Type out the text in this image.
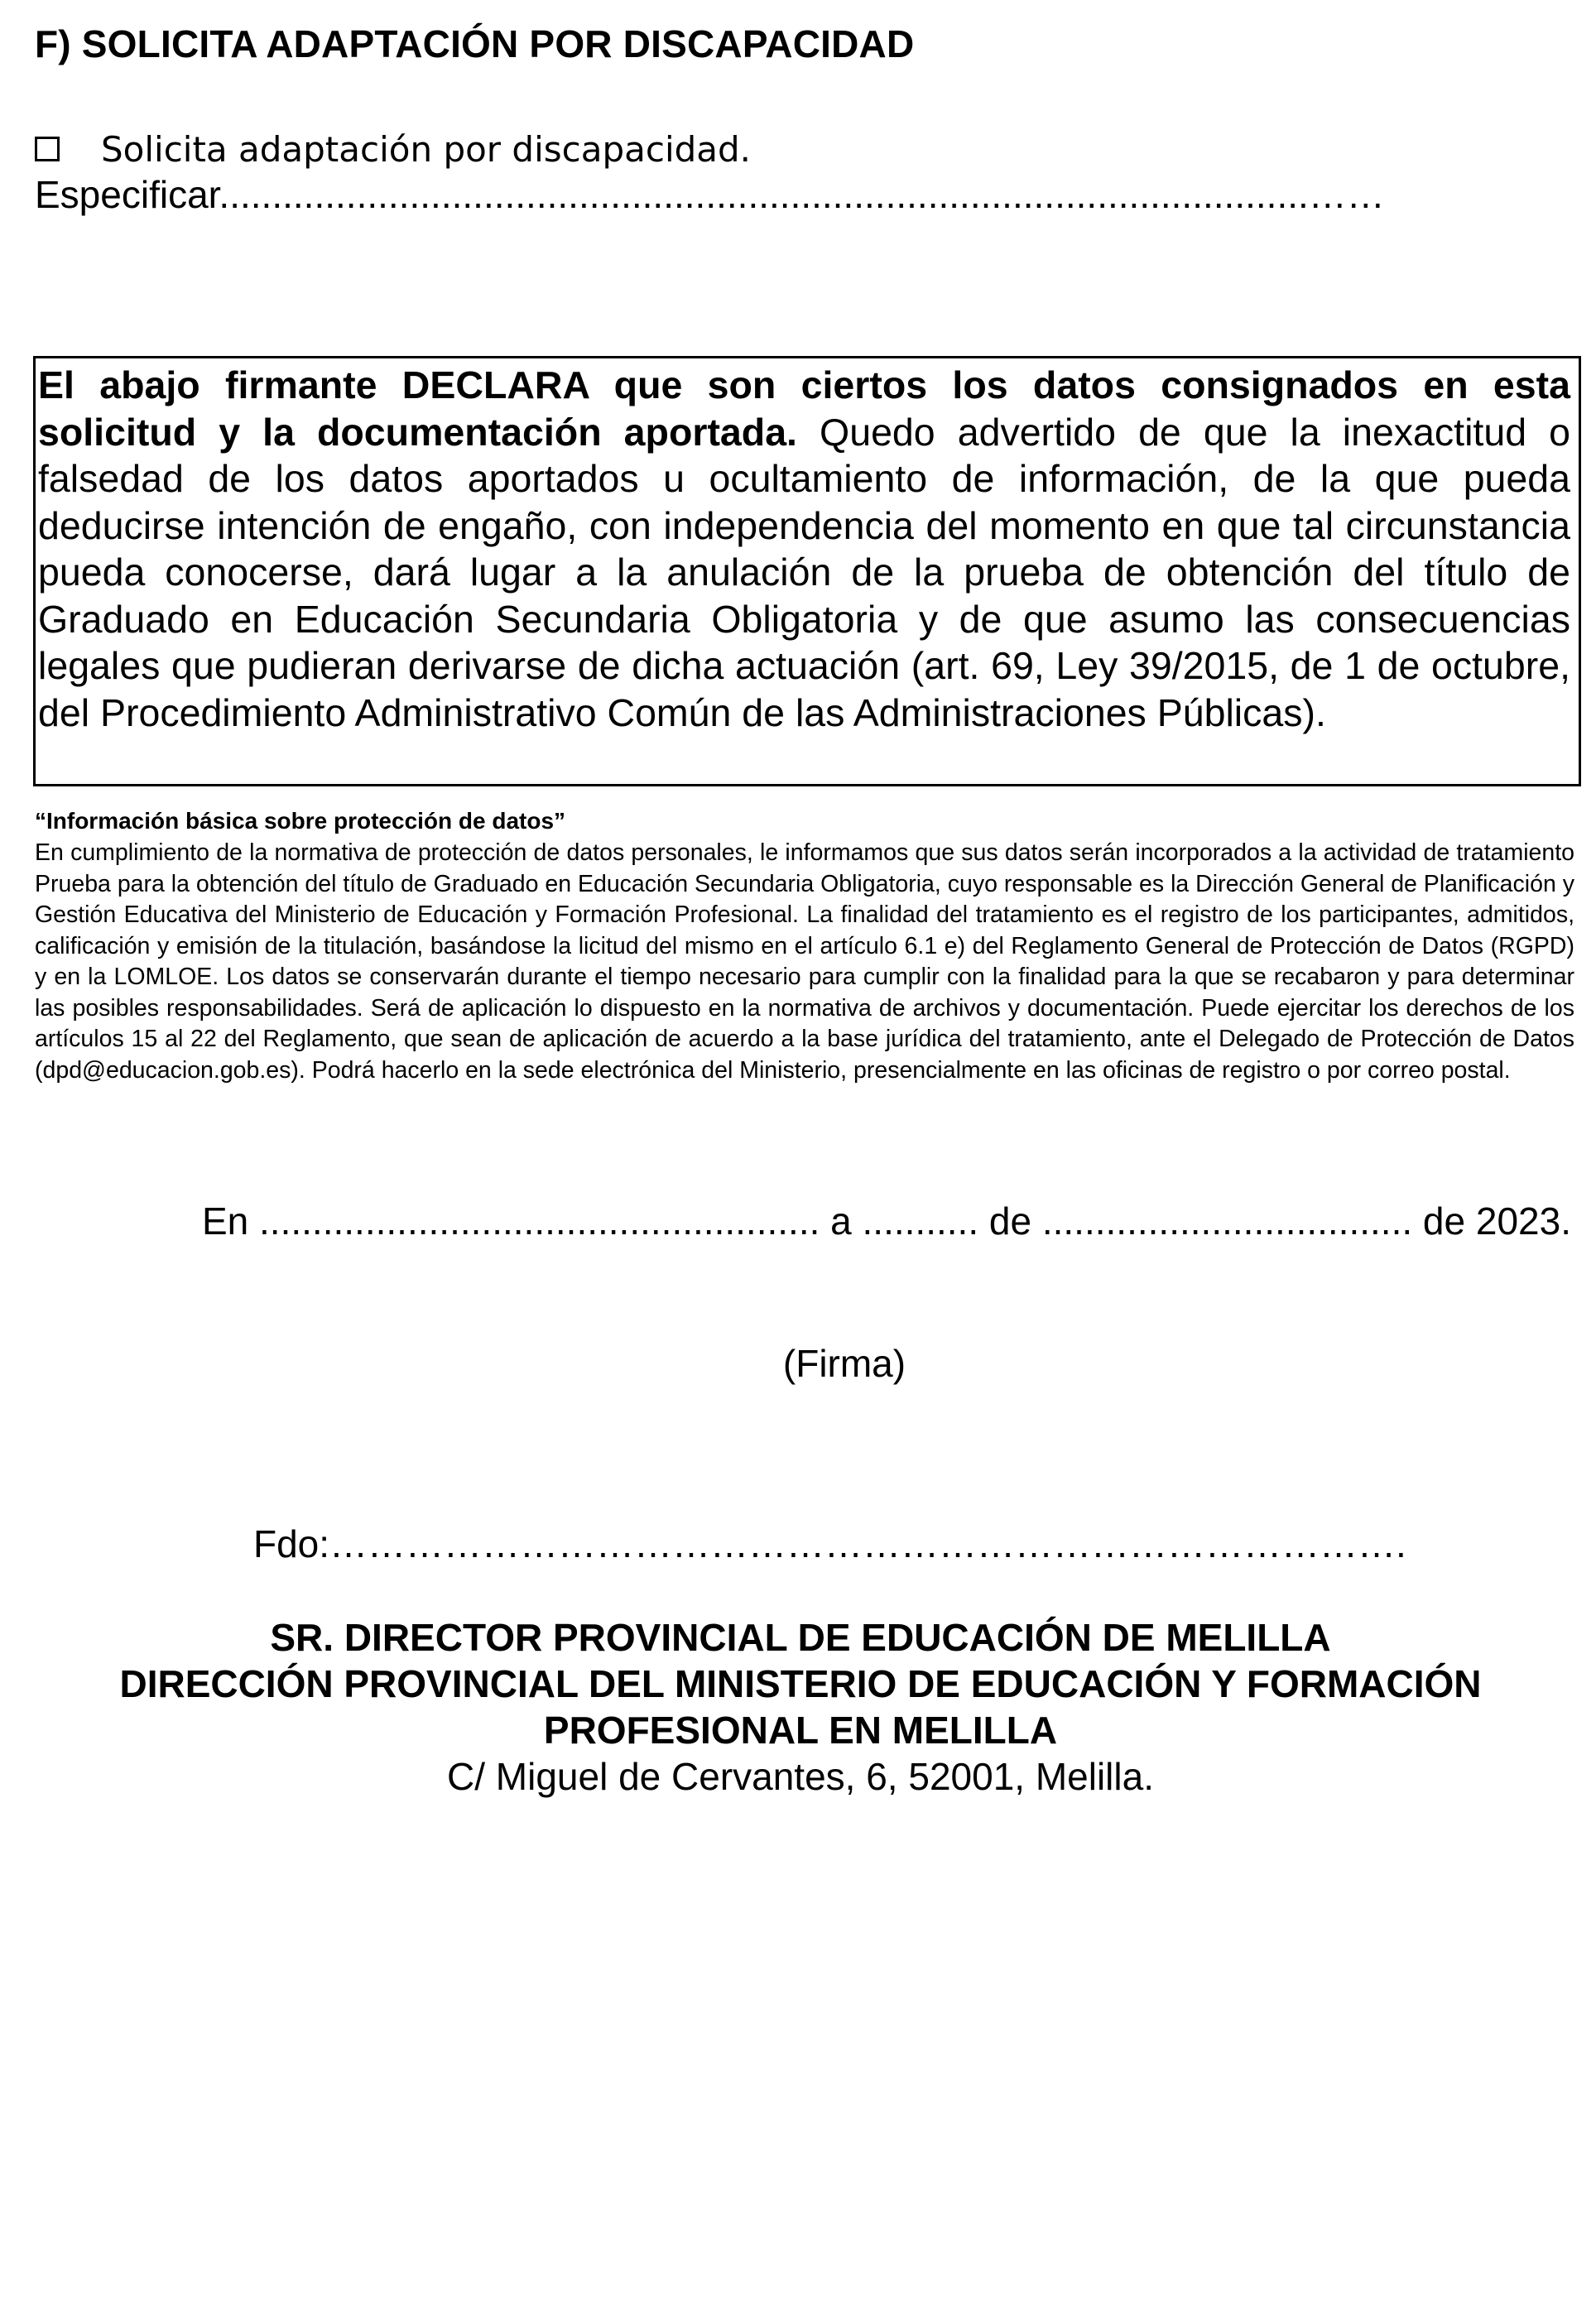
F) SOLICITA ADAPTACIÓN POR DISCAPACIDAD
Solicita adaptación por discapacidad.
Especificar.......................................................................................................……

El abajo firmante DECLARA que son ciertos los datos consignados en esta solicitud y la documentación aportada. Quedo advertido de que la inexactitud o falsedad de los datos aportados u ocultamiento de información, de la que pueda deducirse intención de engaño, con independencia del momento en que tal circunstancia pueda conocerse, dará lugar a la anulación de la prueba de obtención del título de Graduado en Educación Secundaria Obligatoria y de que asumo las consecuencias legales que pudieran derivarse de dicha actuación (art. 69, Ley 39/2015, de 1 de octubre, del Procedimiento Administrativo Común de las Administraciones Públicas).

“Información básica sobre protección de datos”

En cumplimiento de la normativa de protección de datos personales, le informamos que sus datos serán incorporados a la actividad de tratamiento Prueba para la obtención del título de Graduado en Educación Secundaria Obligatoria, cuyo responsable es la Dirección General de Planificación y Gestión Educativa del Ministerio de Educación y Formación Profesional. La finalidad del tratamiento es el registro de los participantes, admitidos, calificación y emisión de la titulación, basándose la licitud del mismo en el artículo 6.1 e) del Reglamento General de Protección de Datos (RGPD) y en la LOMLOE. Los datos se conservarán durante el tiempo necesario para cumplir con la finalidad para la que se recabaron y para determinar las posibles responsabilidades. Será de aplicación lo dispuesto en la normativa de archivos y documentación. Puede ejercitar los derechos de los artículos 15 al 22 del Reglamento, que sean de aplicación de acuerdo a la base jurídica del tratamiento, ante el Delegado de Protección de Datos (dpd@educacion.gob.es). Podrá hacerlo en la sede electrónica del Ministerio, presencialmente en las oficinas de registro o por correo postal.

En ..................................................... a ........... de ................................... de 2023.
(Firma)
Fdo:………………………………………………………………………….
SR. DIRECTOR PROVINCIAL DE EDUCACIÓN DE MELILLA
DIRECCIÓN PROVINCIAL DEL MINISTERIO DE EDUCACIÓN Y FORMACIÓN
PROFESIONAL EN MELILLA
C/ Miguel de Cervantes, 6, 52001, Melilla.
